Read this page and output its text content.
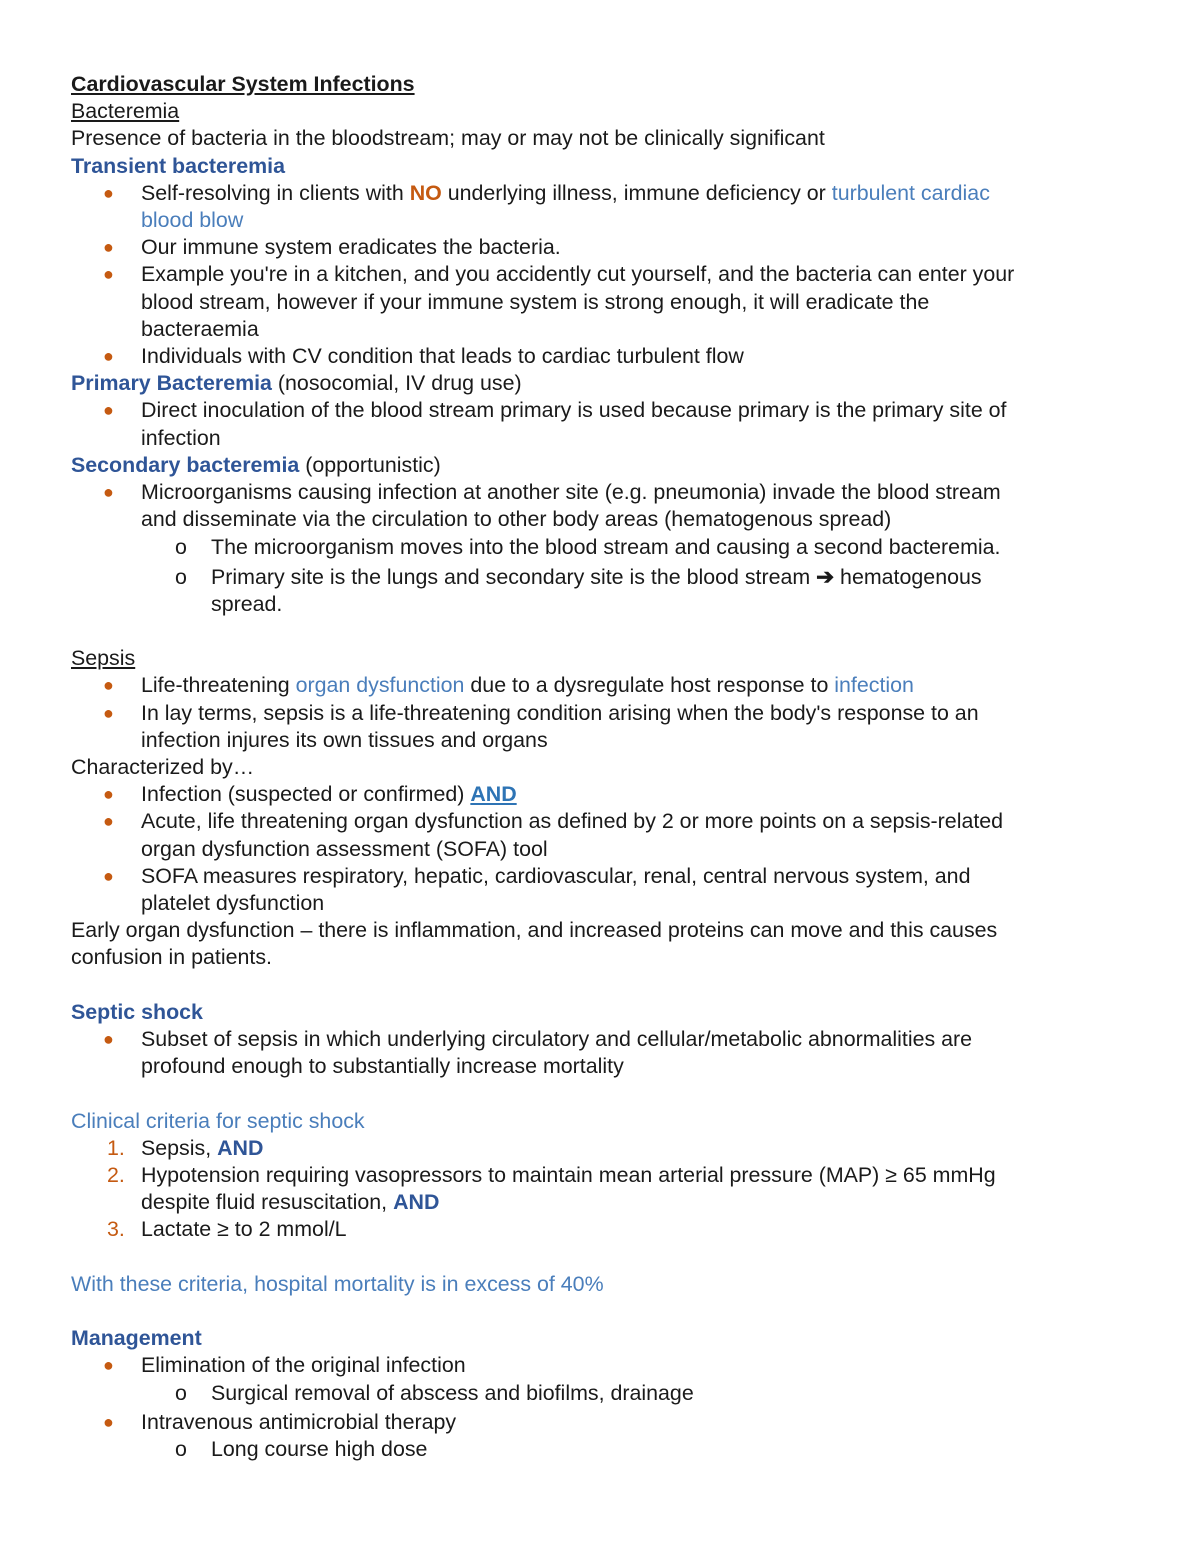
Cardiovascular System Infections

Bacteremia

Presence of bacteria in the bloodstream; may or may not be clinically significant

Transient bacteremia

●	Self-resolving in clients with NO underlying illness, immune deficiency or turbulent cardiac
blood blow

●	Our immune system eradicates the bacteria.

●	Example you're in a kitchen, and you accidently cut yourself, and the bacteria can enter your
blood stream, however if your immune system is strong enough, it will eradicate the
bacteraemia

●	Individuals with CV condition that leads to cardiac turbulent flow

Primary Bacteremia (nosocomial, IV drug use)

●	Direct inoculation of the blood stream primary is used because primary is the primary site of
infection

Secondary bacteremia (opportunistic)

●	Microorganisms causing infection at another site (e.g. pneumonia) invade the blood stream
and disseminate via the circulation to other body areas (hematogenous spread)

o	The microorganism moves into the blood stream and causing a second bacteremia.

o	Primary site is the lungs and secondary site is the blood stream ➔ hematogenous
spread.

Sepsis

●	Life-threatening organ dysfunction due to a dysregulate host response to infection

●	In lay terms, sepsis is a life-threatening condition arising when the body's response to an
infection injures its own tissues and organs

Characterized by…

●	Infection (suspected or confirmed) AND

●	Acute, life threatening organ dysfunction as defined by 2 or more points on a sepsis-related
organ dysfunction assessment (SOFA) tool

●	SOFA measures respiratory, hepatic, cardiovascular, renal, central nervous system, and
platelet dysfunction

Early organ dysfunction – there is inflammation, and increased proteins can move and this causes
confusion in patients.

Septic shock

●	Subset of sepsis in which underlying circulatory and cellular/metabolic abnormalities are
profound enough to substantially increase mortality

Clinical criteria for septic shock

1. Sepsis, AND

2. Hypotension requiring vasopressors to maintain mean arterial pressure (MAP) ≥ 65 mmHg
despite fluid resuscitation, AND

3. Lactate ≥ to 2 mmol/L

With these criteria, hospital mortality is in excess of 40%

Management

●	Elimination of the original infection

o	Surgical removal of abscess and biofilms, drainage

●	Intravenous antimicrobial therapy

o	Long course high dose
